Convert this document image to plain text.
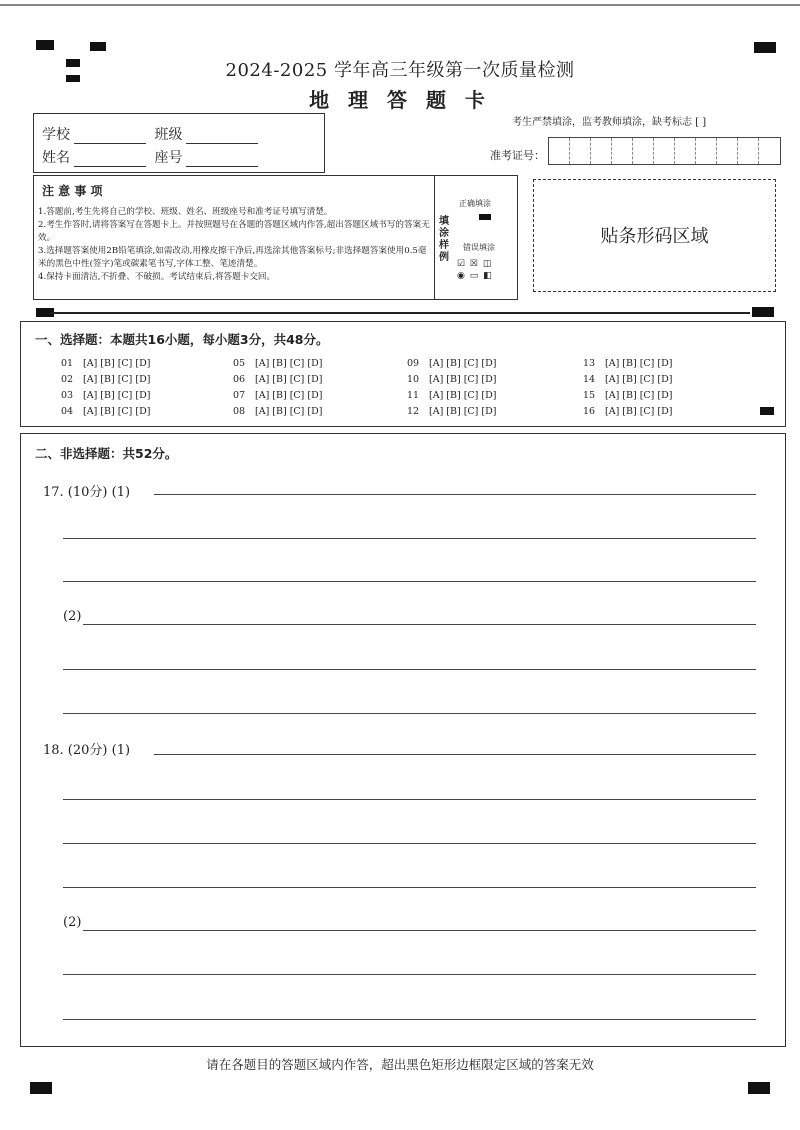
2024-2025 学年高三年级第一次质量检测
地 理 答 题 卡
学校	班级
姓名	座号
考生严禁填涂，监考教师填涂，缺考标志 [ ]
准考证号：
注 意 事 项
1.答题前,考生先将自己的学校、班级、姓名、班级座号和准考证号填写清楚。
2.考生作答时,请将答案写在答题卡上。并按照题号在各题的答题区域内作答,超出答题区域书写的答案无效。
3.选择题答案使用2B铅笔填涂,如需改动,用橡皮擦干净后,再选涂其他答案标号;非选择题答案使用0.5毫米的黑色中性(签字)笔或碳素笔书写,字体工整、笔迹清楚。
4.保持卡面清洁,不折叠、不破损。考试结束后,将答题卡交回。
填涂样例
正确填涂
错误填涂
☑ ☒ ◫
◉ ▭ ◧
贴条形码区域
一、选择题：本题共16小题，每小题3分，共48分。
01 [A] [B] [C] [D]
02 [A] [B] [C] [D]
03 [A] [B] [C] [D]
04 [A] [B] [C] [D]
05 [A] [B] [C] [D]
06 [A] [B] [C] [D]
07 [A] [B] [C] [D]
08 [A] [B] [C] [D]
09 [A] [B] [C] [D]
10 [A] [B] [C] [D]
11 [A] [B] [C] [D]
12 [A] [B] [C] [D]
13 [A] [B] [C] [D]
14 [A] [B] [C] [D]
15 [A] [B] [C] [D]
16 [A] [B] [C] [D]
二、非选择题：共52分。
17. (10分) (1)
(2)
18. (20分) (1)
(2)
请在各题目的答题区域内作答，超出黑色矩形边框限定区域的答案无效
